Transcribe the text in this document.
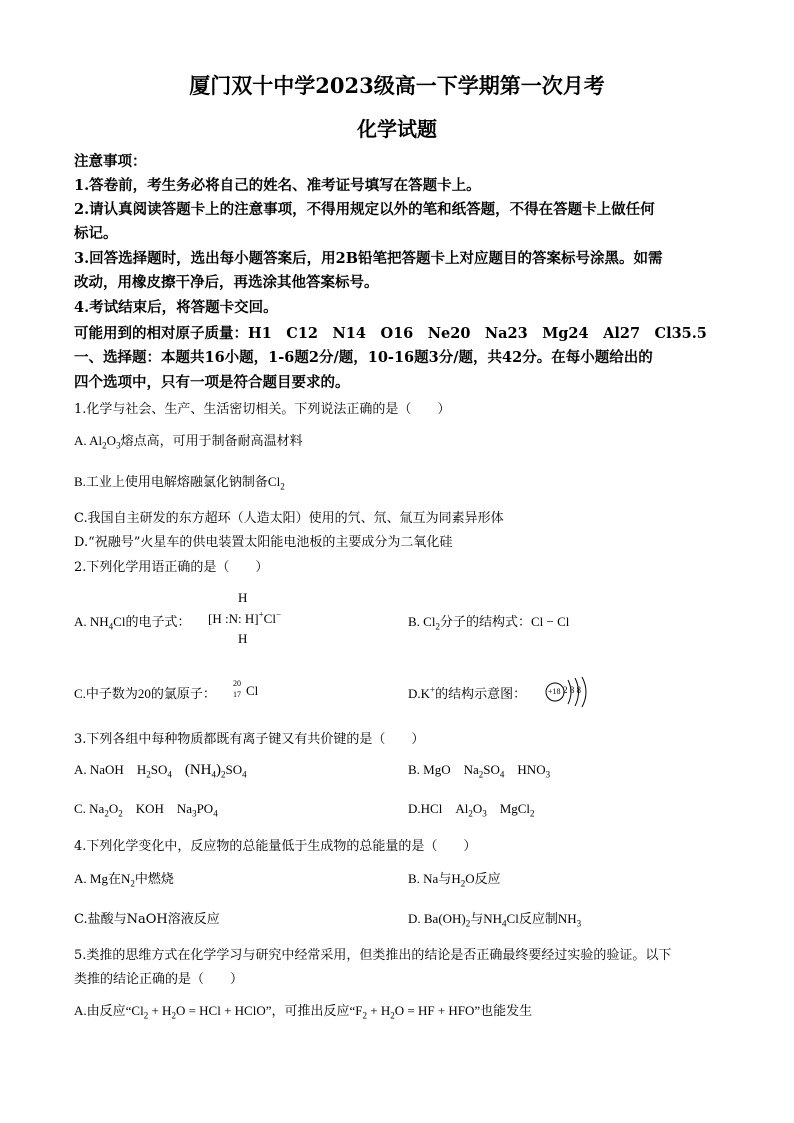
厦门双十中学2023级高一下学期第一次月考
化学试题
注意事项：
1.答卷前，考生务必将自己的姓名、准考证号填写在答题卡上。
2.请认真阅读答题卡上的注意事项，不得用规定以外的笔和纸答题，不得在答题卡上做任何
标记。
3.回答选择题时，选出每小题答案后，用2B铅笔把答题卡上对应题目的答案标号涂黑。如需
改动，用橡皮擦干净后，再选涂其他答案标号。
4.考试结束后，将答题卡交回。
可能用到的相对原子质量：H1　C12　N14　O16　Ne20　Na23　Mg24　Al27　Cl35.5
一、选择题：本题共16小题，1-6题2分/题，10-16题3分/题，共42分。在每小题给出的
四个选项中，只有一项是符合题目要求的。
1.化学与社会、生产、生活密切相关。下列说法正确的是（　　）
A. $Al_2O_3$熔点高，可用于制备耐高温材料
B.工业上使用电解熔融氯化钠制备$Cl_2$
C.我国自主研发的东方超环（人造太阳）使用的氕、氘、氚互为同素异形体
D.“祝融号”火星车的供电装置太阳能电池板的主要成分为二氧化硅
2.下列化学用语正确的是（　　）
A. $NH_4Cl$的电子式：
H
[H :N: H]+Cl−
H
B. $Cl_2$分子的结构式：Cl − Cl
C.中子数为20的氯原子：
20
17 Cl	D.K+的结构示意图：	+18 2 8 8
3.下列各组中每种物质都既有离子键又有共价键的是（　　）
A. NaOH  $H_2SO_4$  $(NH_4)_2SO_4$	B. MgO  $Na_2SO_4$  $HNO_3$
C. $Na_2O_2$  KOH  $Na_3PO_4$	D.HCl  $Al_2O_3$  MgCl$_2$
4.下列化学变化中，反应物的总能量低于生成物的总能量的是（　　）
A. Mg在$N_2$中燃烧	B. Na与$H_2O$反应
C.盐酸与NaOH溶液反应	D. $Ba(OH)_2$与$NH_4Cl$反应制$NH_3$
5.类推的思维方式在化学学习与研究中经常采用，但类推出的结论是否正确最终要经过实验的验证。以下
类推的结论正确的是（　　）
A.由反应“$Cl_2 + H_2O$ = HCl + HClO”，可推出反应“$F_2 + H_2O$ = HF + HFO”也能发生
